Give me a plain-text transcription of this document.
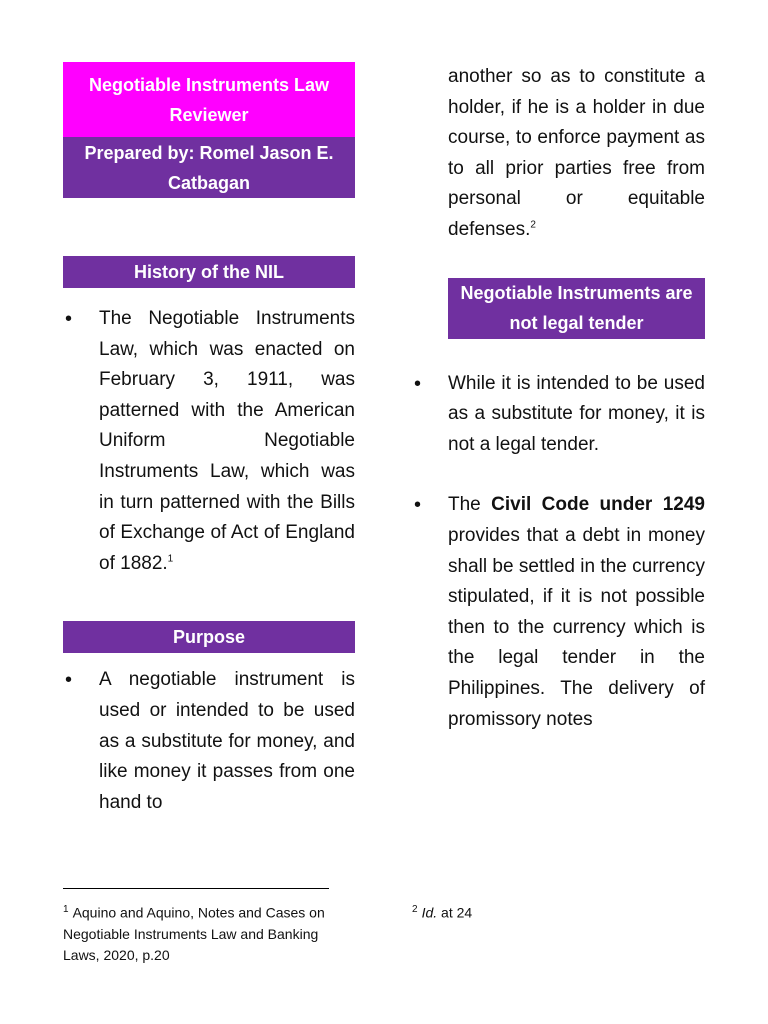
Negotiable Instruments Law Reviewer
Prepared by: Romel Jason E. Catbagan
History of the NIL
• The Negotiable Instruments Law, which was enacted on February 3, 1911, was patterned with the American Uniform Negotiable Instruments Law, which was in turn patterned with the Bills of Exchange of Act of England of 1882.$^1$
Purpose
• A negotiable instrument is used or intended to be used as a substitute for money, and like money it passes from one hand to
another so as to constitute a holder, if he is a holder in due course, to enforce payment as to all prior parties free from personal or equitable defenses.$^2$
Negotiable Instruments are not legal tender
• While it is intended to be used as a substitute for money, it is not a legal tender.
• The Civil Code under 1249 provides that a debt in money shall be settled in the currency stipulated, if it is not possible then to the currency which is the legal tender in the Philippines. The delivery of promissory notes
$^1$ Aquino and Aquino, Notes and Cases on Negotiable Instruments Law and Banking Laws, 2020, p.20
$^2$ Id. at 24
